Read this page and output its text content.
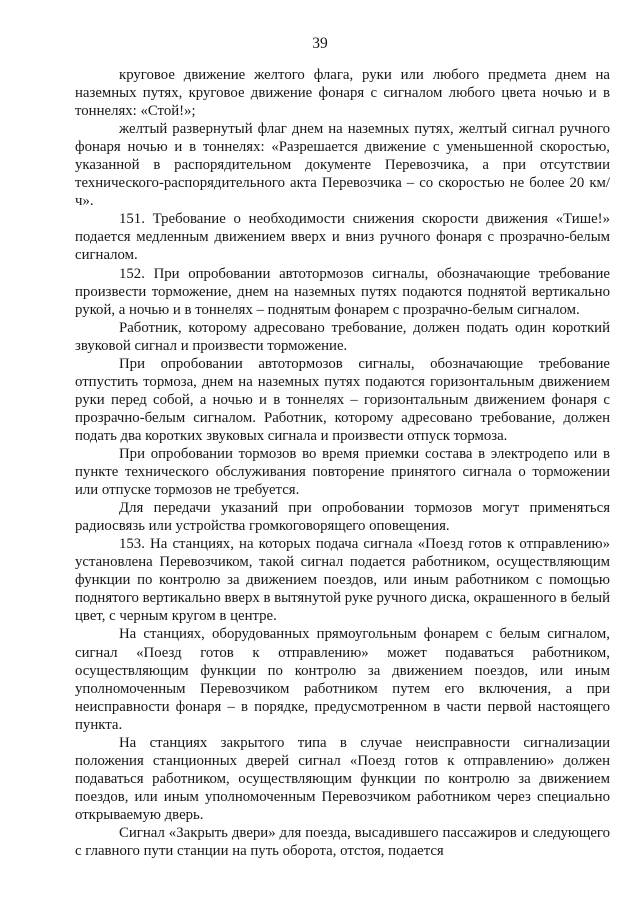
39

круговое движение желтого флага, руки или любого предмета днем на наземных путях, круговое движение фонаря с сигналом любого цвета ночью и в тоннелях: «Стой!»;

желтый развернутый флаг днем на наземных путях, желтый сигнал ручного фонаря ночью и в тоннелях: «Разрешается движение с уменьшенной скоростью, указанной в распорядительном документе Перевозчика, а при отсутствии технического-распорядительного акта Перевозчика – со скоростью не более 20 км/ч».

151. Требование о необходимости снижения скорости движения «Тише!» подается медленным движением вверх и вниз ручного фонаря с прозрачно-белым сигналом.

152. При опробовании автотормозов сигналы, обозначающие требование произвести торможение, днем на наземных путях подаются поднятой вертикально рукой, а ночью и в тоннелях – поднятым фонарем с прозрачно-белым сигналом.

Работник, которому адресовано требование, должен подать один короткий звуковой сигнал и произвести торможение.

При опробовании автотормозов сигналы, обозначающие требование отпустить тормоза, днем на наземных путях подаются горизонтальным движением руки перед собой, а ночью и в тоннелях – горизонтальным движением фонаря с прозрачно-белым сигналом. Работник, которому адресовано требование, должен подать два коротких звуковых сигнала и произвести отпуск тормоза.

При опробовании тормозов во время приемки состава в электродепо или в пункте технического обслуживания повторение принятого сигнала о торможении или отпуске тормозов не требуется.

Для передачи указаний при опробовании тормозов могут применяться радиосвязь или устройства громкоговорящего оповещения.

153. На станциях, на которых подача сигнала «Поезд готов к отправлению» установлена Перевозчиком, такой сигнал подается работником, осуществляющим функции по контролю за движением поездов, или иным работником с помощью поднятого вертикально вверх в вытянутой руке ручного диска, окрашенного в белый цвет, с черным кругом в центре.

На станциях, оборудованных прямоугольным фонарем с белым сигналом, сигнал «Поезд готов к отправлению» может подаваться работником, осуществляющим функции по контролю за движением поездов, или иным уполномоченным Перевозчиком работником путем его включения, а при неисправности фонаря – в порядке, предусмотренном в части первой настоящего пункта.

На станциях закрытого типа в случае неисправности сигнализации положения станционных дверей сигнал «Поезд готов к отправлению» должен подаваться работником, осуществляющим функции по контролю за движением поездов, или иным уполномоченным Перевозчиком работником через специально открываемую дверь.

Сигнал «Закрыть двери» для поезда, высадившего пассажиров и следующего с главного пути станции на путь оборота, отстоя, подается
